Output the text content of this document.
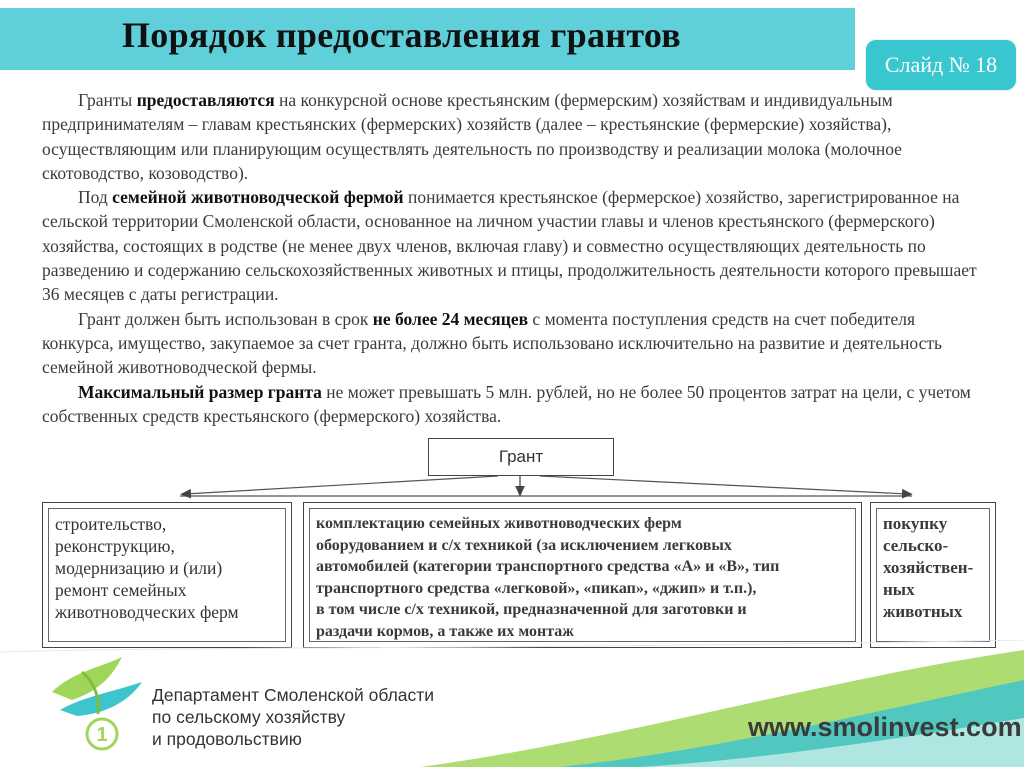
Порядок предоставления грантов
Слайд № 18

Гранты предоставляются на конкурсной основе крестьянским (фермерским) хозяйствам и индивидуальным предпринимателям – главам крестьянских (фермерских) хозяйств (далее – крестьянские (фермерские) хозяйства), осуществляющим или планирующим осуществлять деятельность по производству и реализации молока (молочное скотоводство, козоводство).

Под семейной животноводческой фермой понимается крестьянское (фермерское) хозяйство, зарегистрированное на сельской территории Смоленской области, основанное на личном участии главы и членов крестьянского (фермерского) хозяйства, состоящих в родстве (не менее двух членов, включая главу) и совместно осуществляющих деятельность по разведению и содержанию сельскохозяйственных животных и птицы, продолжительность деятельности которого превышает 36 месяцев с даты регистрации.

Грант должен быть использован в срок не более 24 месяцев с момента поступления средств на счет победителя конкурса, имущество, закупаемое за счет гранта, должно быть использовано исключительно на развитие и деятельность семейной животноводческой фермы.

Максимальный размер гранта не может превышать 5 млн. рублей, но не более 50 процентов затрат на цели, с учетом собственных средств крестьянского (фермерского) хозяйства.

Грант
строительство,
реконструкцию,
модернизацию и (или)
ремонт семейных
животноводческих ферм
комплектацию семейных животноводческих ферм
оборудованием и с/х техникой (за исключением легковых
автомобилей (категории транспортного средства «А» и «В», тип
транспортного средства «легковой», «пикап», «джип» и т.п.),
в том числе с/х техникой, предназначенной для заготовки и
раздачи кормов, а также их монтаж
покупку
сельско-
хозяйствен-
ных
животных
1
Департамент Смоленской области
по сельскому хозяйству
и продовольствию	www.smolinvest.com
